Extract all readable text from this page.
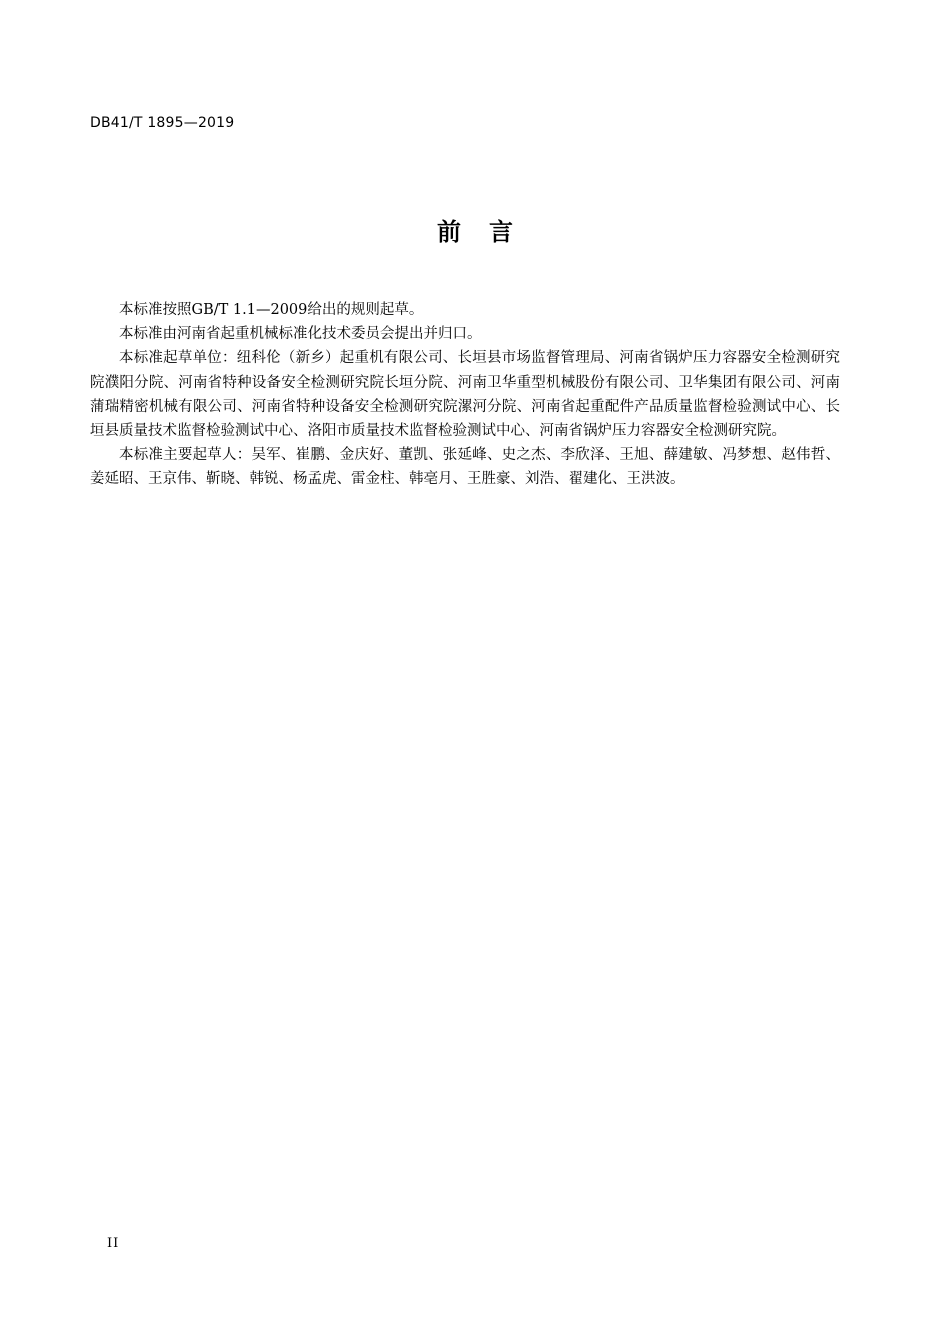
DB41/T 1895—2019
前言

本标准按照GB/T 1.1—2009给出的规则起草。

本标准由河南省起重机械标准化技术委员会提出并归口。

本标准起草单位：纽科伦（新乡）起重机有限公司、长垣县市场监督管理局、河南省锅炉压力容器安全检测研究院濮阳分院、河南省特种设备安全检测研究院长垣分院、河南卫华重型机械股份有限公司、卫华集团有限公司、河南蒲瑞精密机械有限公司、河南省特种设备安全检测研究院漯河分院、河南省起重配件产品质量监督检验测试中心、长垣县质量技术监督检验测试中心、洛阳市质量技术监督检验测试中心、河南省锅炉压力容器安全检测研究院。

本标准主要起草人：吴军、崔鹏、金庆好、董凯、张延峰、史之杰、李欣泽、王旭、薛建敏、冯梦想、赵伟哲、姜延昭、王京伟、靳晓、韩锐、杨孟虎、雷金柱、韩亳月、王胜豪、刘浩、翟建化、王洪波。

II
